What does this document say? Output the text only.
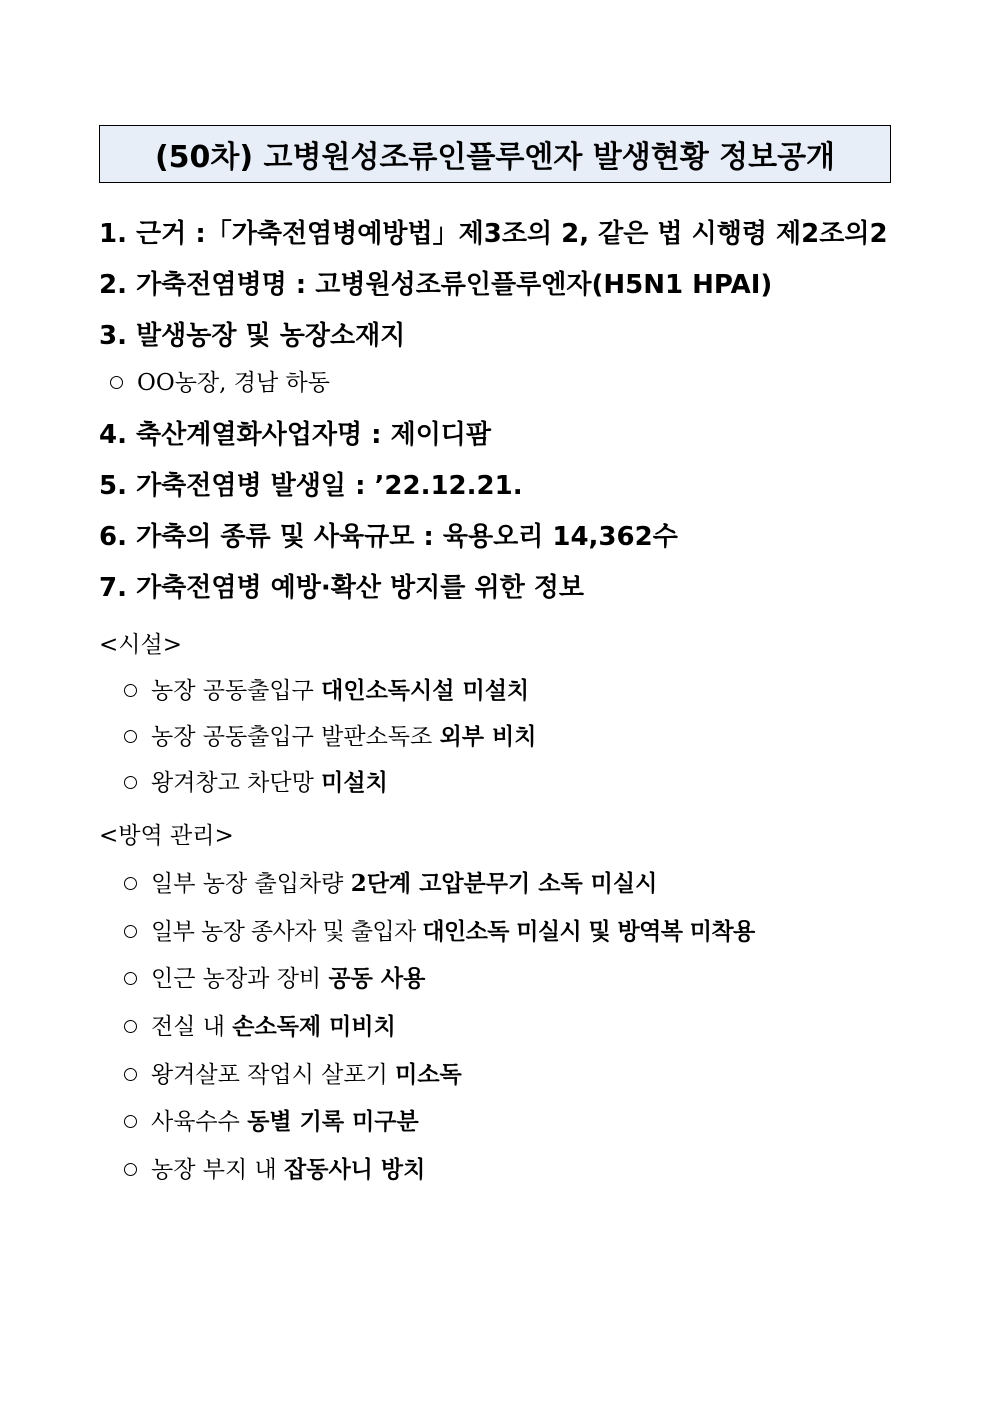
(50차) 고병원성조류인플루엔자 발생현황 정보공개
1. 근거 :「가축전염병예방법」제3조의 2, 같은 법 시행령 제2조의2
2. 가축전염병명 : 고병원성조류인플루엔자(H5N1 HPAI)
3. 발생농장 및 농장소재지
OO농장, 경남 하동
4. 축산계열화사업자명 : 제이디팜
5. 가축전염병 발생일 : ’22.12.21.
6. 가축의 종류 및 사육규모 : 육용오리 14,362수
7. 가축전염병 예방·확산 방지를 위한 정보
<시설>
농장 공동출입구 대인소독시설 미설치
농장 공동출입구 발판소독조 외부 비치
왕겨창고 차단망 미설치
<방역 관리>
일부 농장 출입차량 2단계 고압분무기 소독 미실시
일부 농장 종사자 및 출입자 대인소독 미실시 및 방역복 미착용
인근 농장과 장비 공동 사용
전실 내 손소독제 미비치
왕겨살포 작업시 살포기 미소독
사육수수 동별 기록 미구분
농장 부지 내 잡동사니 방치
